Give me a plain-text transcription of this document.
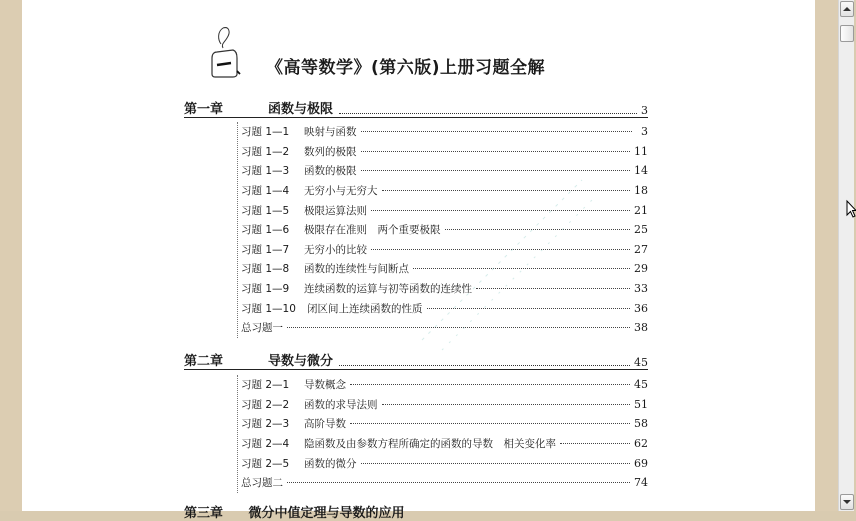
《高等数学》(第六版)上册习题全解
第一章	函数与极限	3
习题 1—1	映射与函数	3
习题 1—2	数列的极限	11
习题 1—3	函数的极限	14
习题 1—4	无穷小与无穷大	18
习题 1—5	极限运算法则	21
习题 1—6	极限存在准则　两个重要极限	25
习题 1—7	无穷小的比较	27
习题 1—8	函数的连续性与间断点	29
习题 1—9	连续函数的运算与初等函数的连续性	33
习题 1—10	闭区间上连续函数的性质	36
总习题一	38
第二章	导数与微分	45
习题 2—1	导数概念	45
习题 2—2	函数的求导法则	51
习题 2—3	高阶导数	58
习题 2—4	隐函数及由参数方程所确定的函数的导数　相关变化率	62
习题 2—5	函数的微分	69
总习题二	74
第三章 微分中值定理与导数的应用
